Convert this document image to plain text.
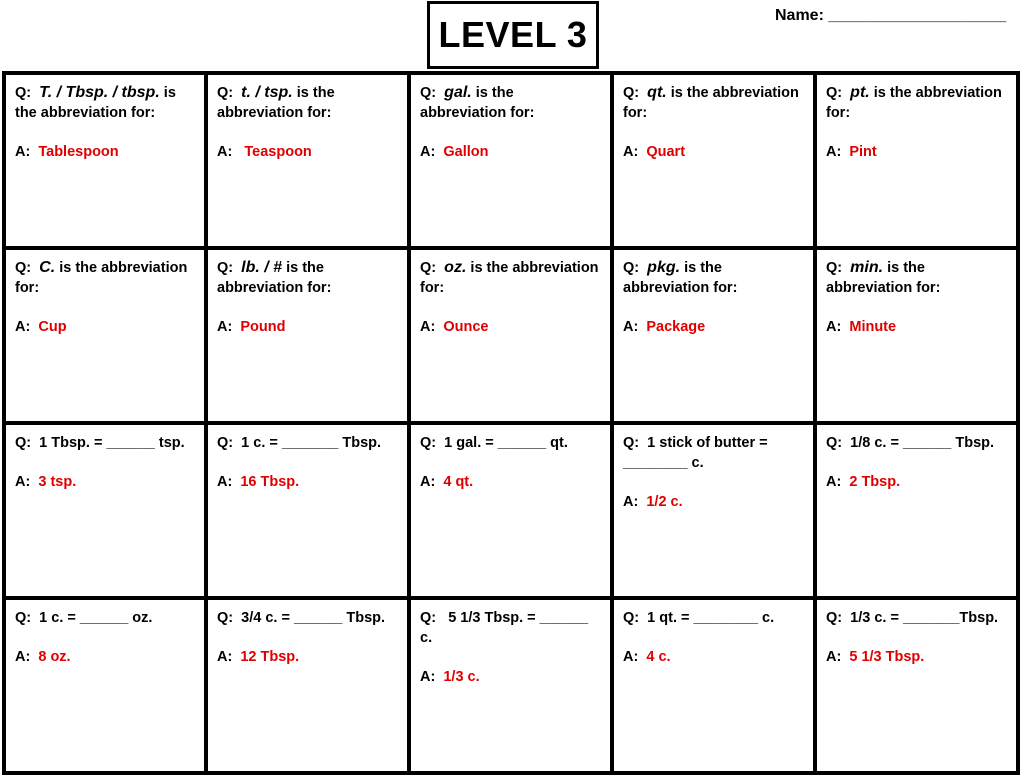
LEVEL 3	Name: ____________________
Q:  T. / Tbsp. / tbsp. is the abbreviation for:
A:  Tablespoon
Q:  t. / tsp. is the abbreviation for:
A:   Teaspoon
Q:  gal. is the abbreviation for:
A:  Gallon
Q:  qt. is the abbreviation for:
A:  Quart
Q:  pt. is the abbreviation for:
A:  Pint
Q:  C. is the abbreviation for:
A:  Cup
Q:  lb. / # is the abbreviation for:
A:  Pound
Q:  oz. is the abbreviation for:
A:  Ounce
Q:  pkg. is the abbreviation for:
A:  Package
Q:  min. is the abbreviation for:
A:  Minute
Q:  1 Tbsp. = ______ tsp.
A:  3 tsp.
Q:  1 c. = _______ Tbsp.
A:  16 Tbsp.
Q:  1 gal. = ______ qt.
A:  4 qt.
Q:  1 stick of butter = ________ c.
A:  1/2 c.
Q:  1/8 c. = ______ Tbsp.
A:  2 Tbsp.
Q:  1 c. = ______ oz.
A:  8 oz.
Q:  3/4 c. = ______ Tbsp.
A:  12 Tbsp.
Q:   5 1/3 Tbsp. = ______ c.
A:  1/3 c.
Q:  1 qt. = ________ c.
A:  4 c.
Q:  1/3 c. = _______Tbsp.
A:  5 1/3 Tbsp.
